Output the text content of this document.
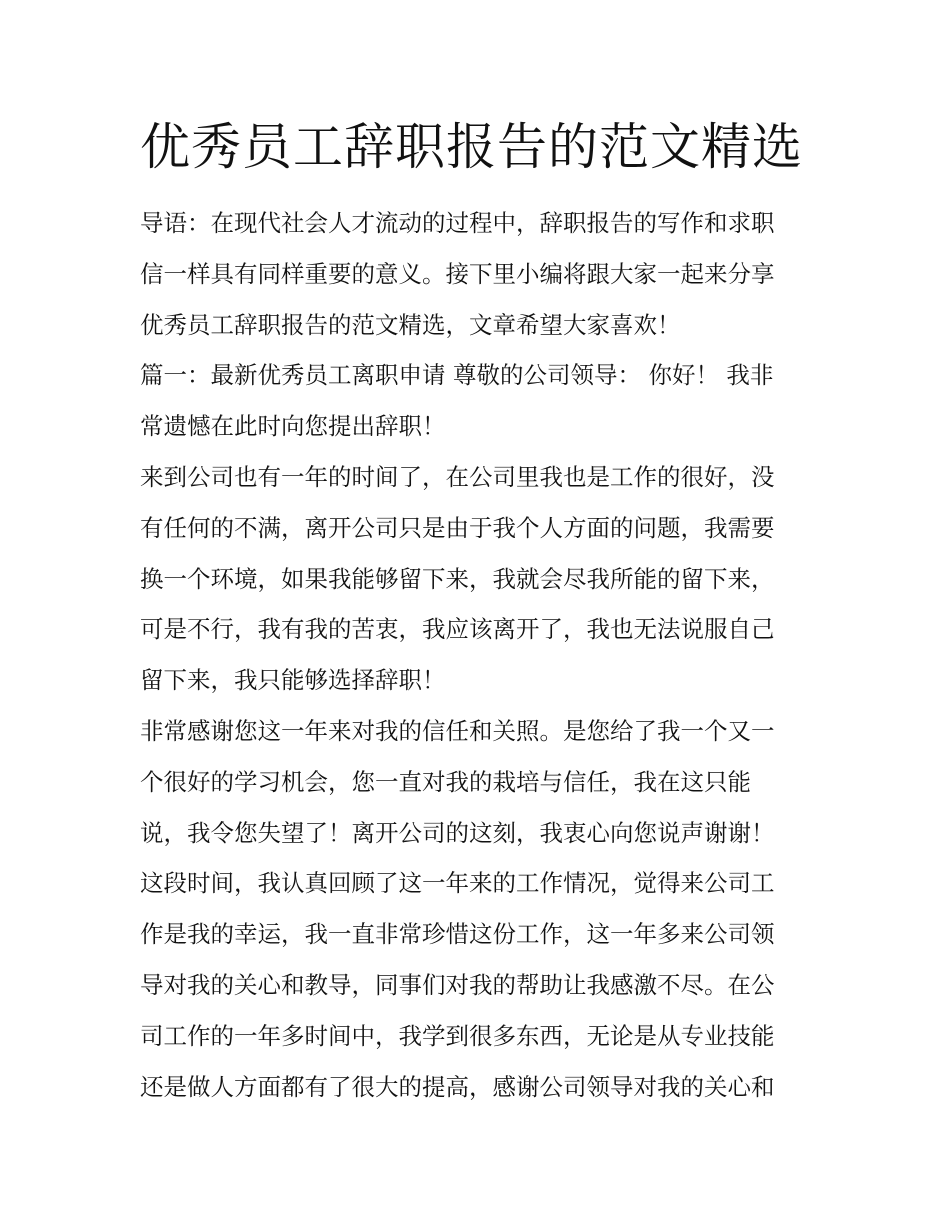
优秀员工辞职报告的范文精选
导语：在现代社会人才流动的过程中，辞职报告的写作和求职
信一样具有同样重要的意义。接下里小编将跟大家一起来分享
优秀员工辞职报告的范文精选，文章希望大家喜欢！
篇一：最新优秀员工离职申请 尊敬的公司领导： 你好！ 我非
常遗憾在此时向您提出辞职！
来到公司也有一年的时间了，在公司里我也是工作的很好，没
有任何的不满，离开公司只是由于我个人方面的问题，我需要
换一个环境，如果我能够留下来，我就会尽我所能的留下来，
可是不行，我有我的苦衷，我应该离开了，我也无法说服自己
留下来，我只能够选择辞职！
非常感谢您这一年来对我的信任和关照。是您给了我一个又一
个很好的学习机会，您一直对我的栽培与信任，我在这只能
说，我令您失望了！离开公司的这刻，我衷心向您说声谢谢！
这段时间，我认真回顾了这一年来的工作情况，觉得来公司工
作是我的幸运，我一直非常珍惜这份工作，这一年多来公司领
导对我的关心和教导，同事们对我的帮助让我感激不尽。在公
司工作的一年多时间中，我学到很多东西，无论是从专业技能
还是做人方面都有了很大的提高，感谢公司领导对我的关心和
